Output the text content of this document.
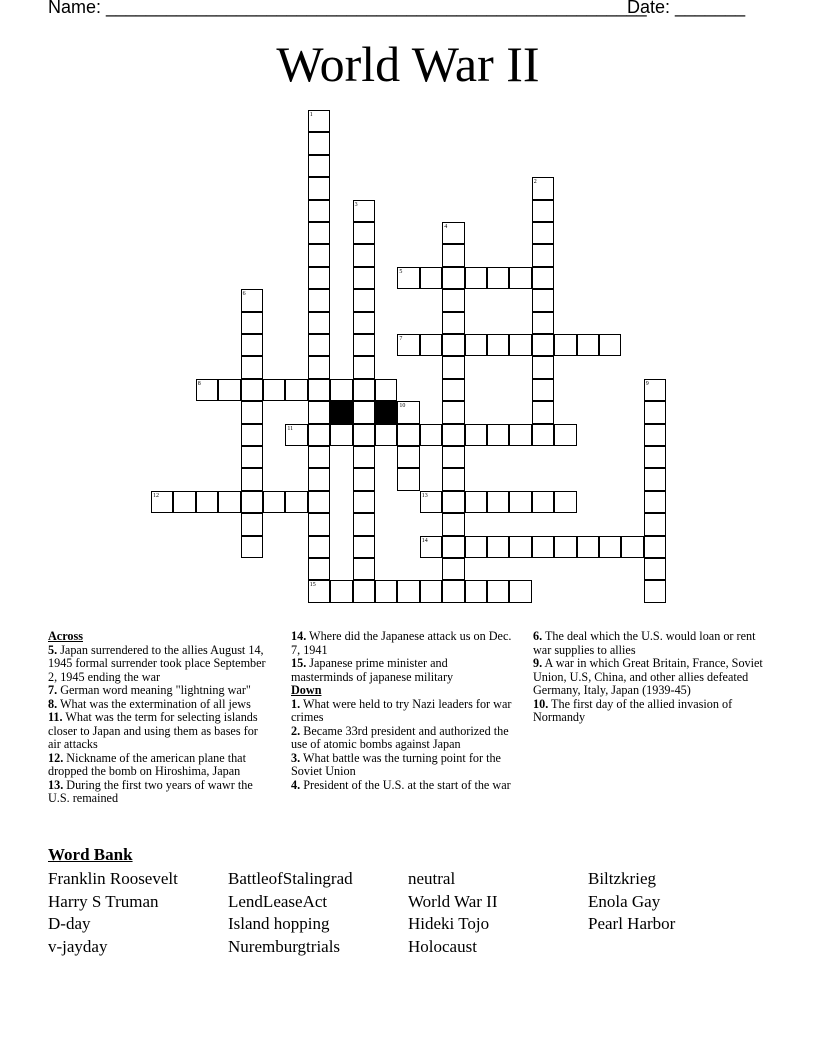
Name: ______________________________________________________
Date: _______
World War II
1
2
3
4
5
6
7
8	9
10
11
12	13
14
15
Across
5. Japan surrendered to the allies August 14, 1945 formal surrender took place September 2, 1945 ending the war
7. German word meaning "lightning war"
8. What was the extermination of all jews
11. What was the term for selecting islands closer to Japan and using them as bases for air attacks
12. Nickname of the american plane that dropped the bomb on Hiroshima, Japan
13. During the first two years of wawr the U.S. remained
14. Where did the Japanese attack us on Dec. 7, 1941
15. Japanese prime minister and masterminds of japanese military
Down
1. What were held to try Nazi leaders for war crimes
2. Became 33rd president and authorized the use of atomic bombs against Japan
3. What battle was the turning point for the Soviet Union
4. President of the U.S. at the start of the war
6. The deal which the U.S. would loan or rent war supplies to allies
9. A war in which Great Britain, France, Soviet Union, U.S, China, and other allies defeated Germany, Italy, Japan (1939-45)
10. The first day of the allied invasion of Normandy
Word Bank
Franklin Roosevelt
Harry S Truman
D-day
v-jayday
BattleofStalingrad
LendLeaseAct
Island hopping
Nuremburgtrials
neutral
World War II
Hideki Tojo
Holocaust
Biltzkrieg
Enola Gay
Pearl Harbor
